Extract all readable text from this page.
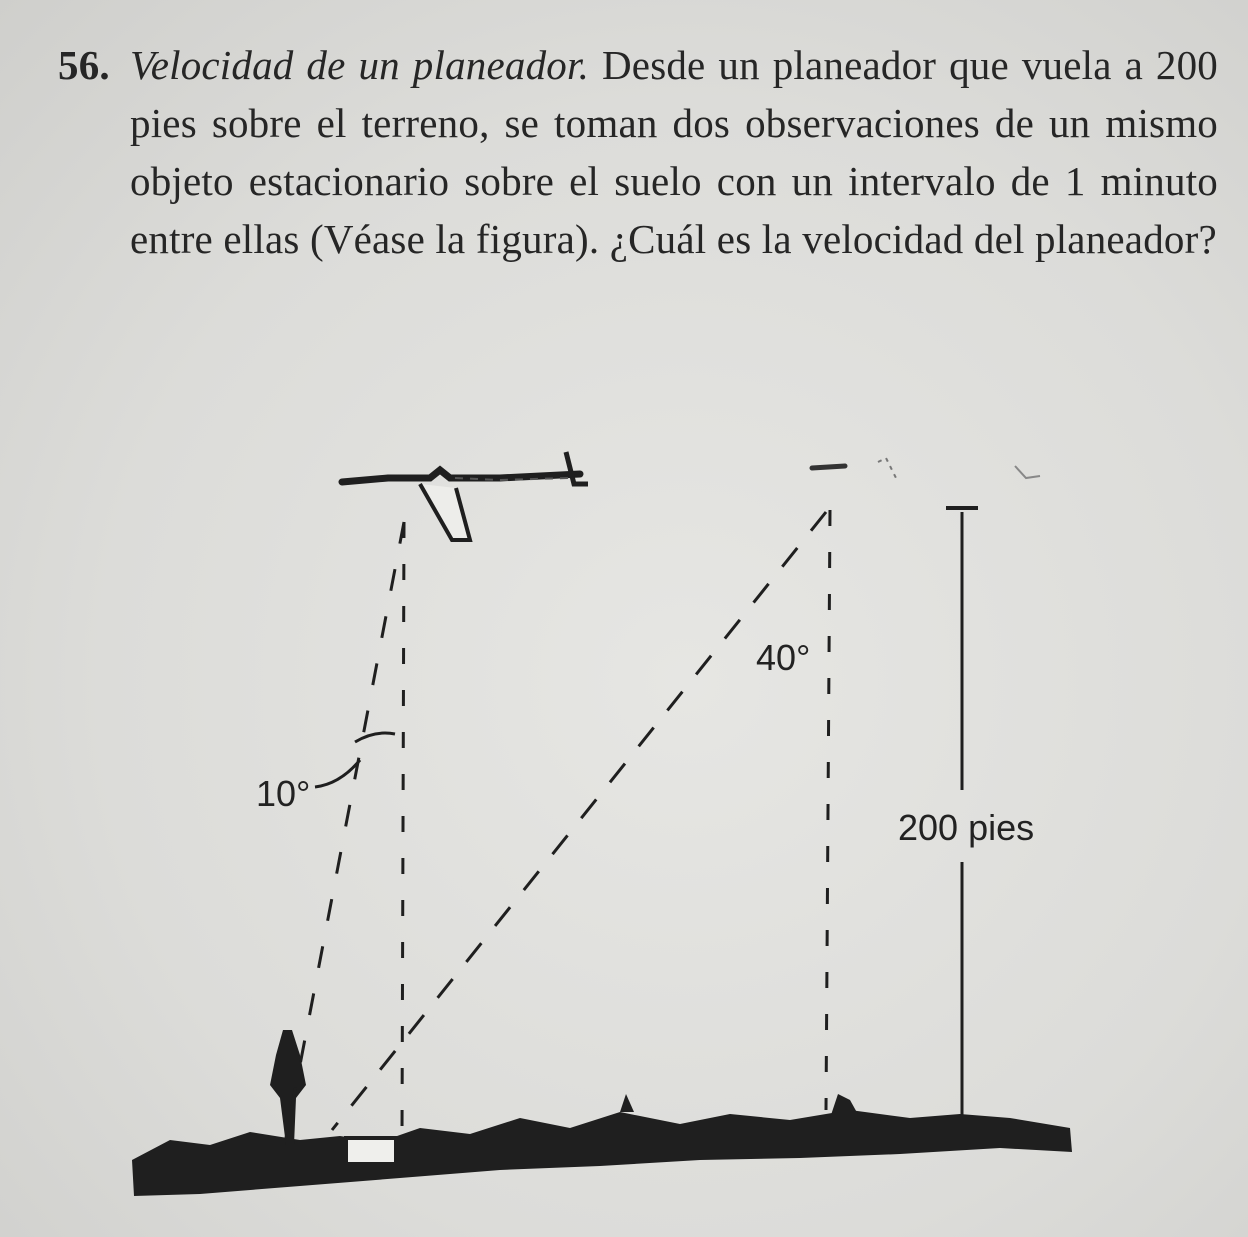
56. Velocidad de un planeador. Desde un planeador que vuela a 200 pies sobre el terreno, se toman dos observaciones de un mismo objeto estacionario sobre el suelo con un intervalo de 1 minuto entre ellas (Véase la figura). ¿Cuál es la velocidad del planeador?
10°
40°
200 pies
